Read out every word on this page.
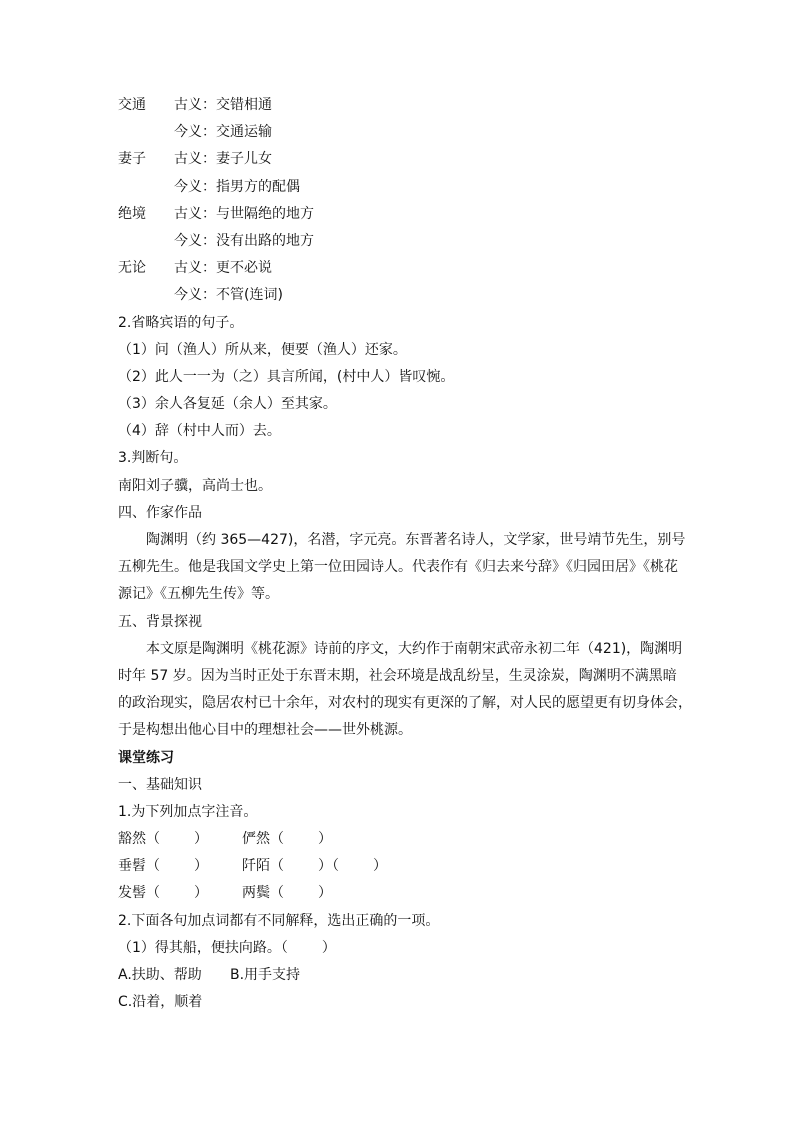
交通 古义：交错相通
今义：交通运输
妻子 古义：妻子儿女
今义：指男方的配偶
绝境 古义：与世隔绝的地方
今义：没有出路的地方
无论 古义：更不必说
今义：不管(连词)
2.省略宾语的句子。
（1）问（渔人）所从来，便要（渔人）还家。
（2）此人一一为（之）具言所闻，(村中人）皆叹惋。
（3）余人各复延（余人）至其家。
（4）辞（村中人而）去。
3.判断句。
南阳刘子骥，高尚士也。
四、作家作品
陶渊明（约 365—427)，名潜，字元亮。东晋著名诗人，文学家，世号靖节先生，别号
五柳先生。他是我国文学史上第一位田园诗人。代表作有《归去来兮辞》《归园田居》《桃花
源记》《五柳先生传》等。
五、背景探视
本文原是陶渊明《桃花源》诗前的序文，大约作于南朝宋武帝永初二年（421)，陶渊明
时年 57 岁。因为当时正处于东晋末期，社会环境是战乱纷呈，生灵涂炭，陶渊明不满黑暗
的政治现实，隐居农村已十余年，对农村的现实有更深的了解，对人民的愿望更有切身体会，
于是构想出他心目中的理想社会——世外桃源。
课堂练习
一、基础知识
1.为下列加点字注音。
豁然（ ） 俨然（ ）
垂髫（ ） 阡陌（ ）（ ）
发髻（ ） 两鬓（ ）
2.下面各句加点词都有不同解释，选出正确的一项。
（1）得其船，便扶向路。（ ）
A.扶助、帮助 B.用手支持
C.沿着，顺着
